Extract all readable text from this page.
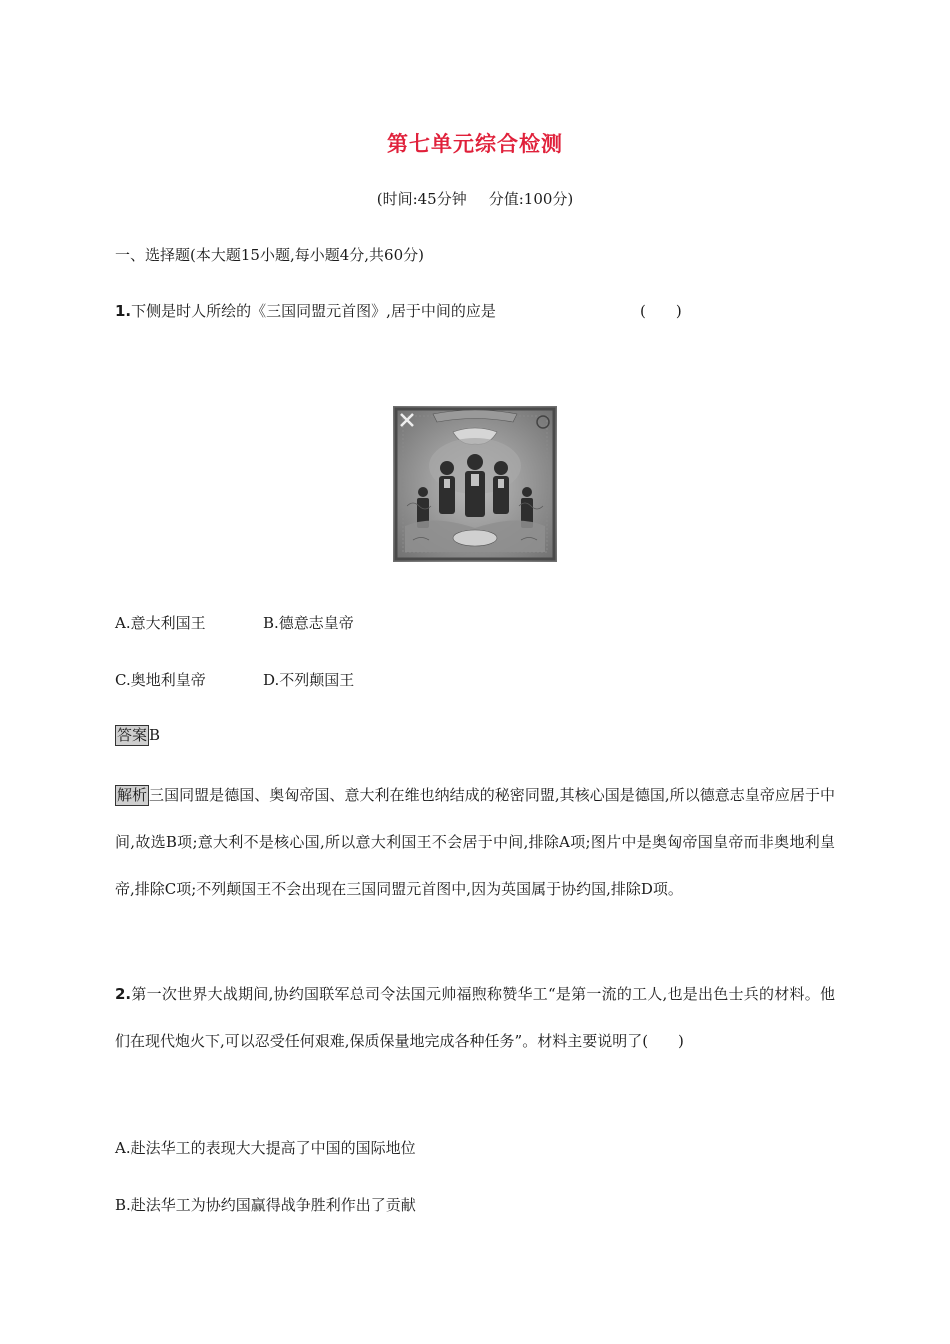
第七单元综合检测
(时间:45分钟 分值:100分)
一、选择题(本大题15小题,每小题4分,共60分)
1.下侧是时人所绘的《三国同盟元首图》,居于中间的应是	(　　)
A.意大利国王	B.德意志皇帝
C.奥地利皇帝	D.不列颠国王
答案 B
解析 三国同盟是德国、奥匈帝国、意大利在维也纳结成的秘密同盟,其核心国是德国,所以德意志皇帝应居于中间,故选B项;意大利不是核心国,所以意大利国王不会居于中间,排除A项;图片中是奥匈帝国皇帝而非奥地利皇帝,排除C项;不列颠国王不会出现在三国同盟元首图中,因为英国属于协约国,排除D项。
2.第一次世界大战期间,协约国联军总司令法国元帅福煦称赞华工“是第一流的工人,也是出色士兵的材料。他们在现代炮火下,可以忍受任何艰难,保质保量地完成各种任务”。材料主要说明了(　　)
A.赴法华工的表现大大提高了中国的国际地位
B.赴法华工为协约国赢得战争胜利作出了贡献
